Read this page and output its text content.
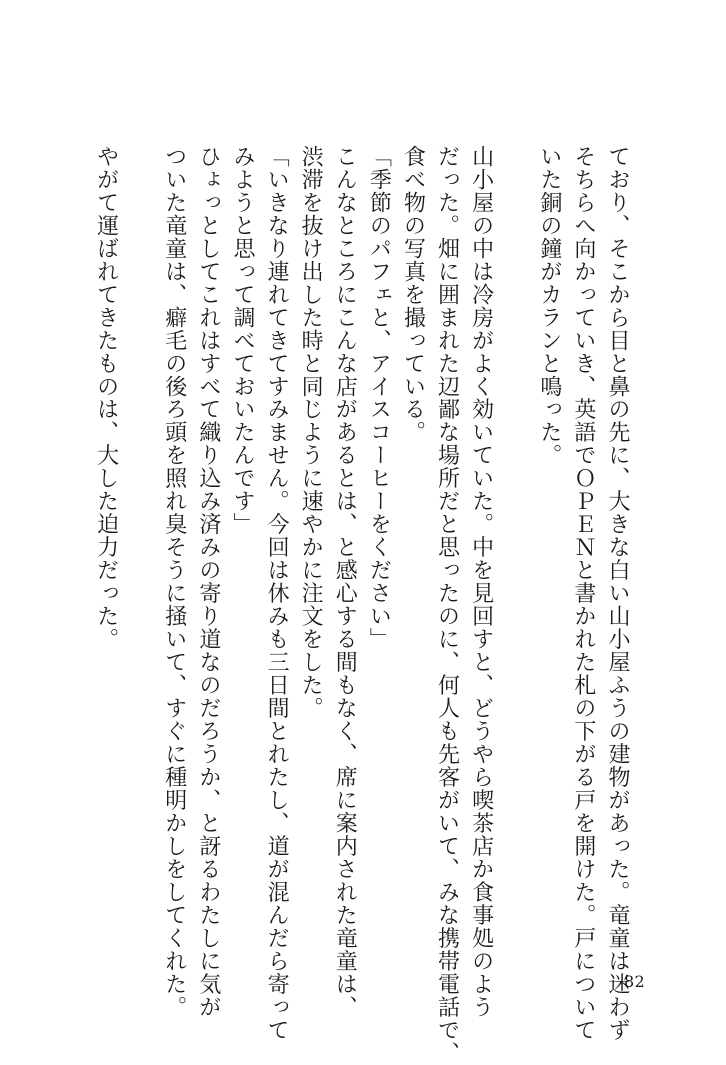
ており、そこから目と鼻の先に、大きな白い山小屋ふうの建物があった。竜童は迷わず

そちらへ向かっていき、英語でＯＰＥＮと書かれた札の下がる戸を開けた。戸について

いた銅の鐘がカランと鳴った。

山小屋の中は冷房がよく効いていた。中を見回すと、どうやら喫茶店か食事処のよう

だった。畑に囲まれた辺鄙な場所だと思ったのに、何人も先客がいて、みな携帯電話で、

食べ物の写真を撮っている。

「季節のパフェと、アイスコーヒーをください」

こんなところにこんな店があるとは、と感心する間もなく、席に案内された竜童は、

渋滞を抜け出した時と同じように速やかに注文をした。

「いきなり連れてきてすみません。今回は休みも三日間とれたし、道が混んだら寄って

みようと思って調べておいたんです」

ひょっとしてこれはすべて織り込み済みの寄り道なのだろうか、と訝るわたしに気が

ついた竜童は、癖毛の後ろ頭を照れ臭そうに掻いて、すぐに種明かしをしてくれた。

やがて運ばれてきたものは、大した迫力だった。

82
